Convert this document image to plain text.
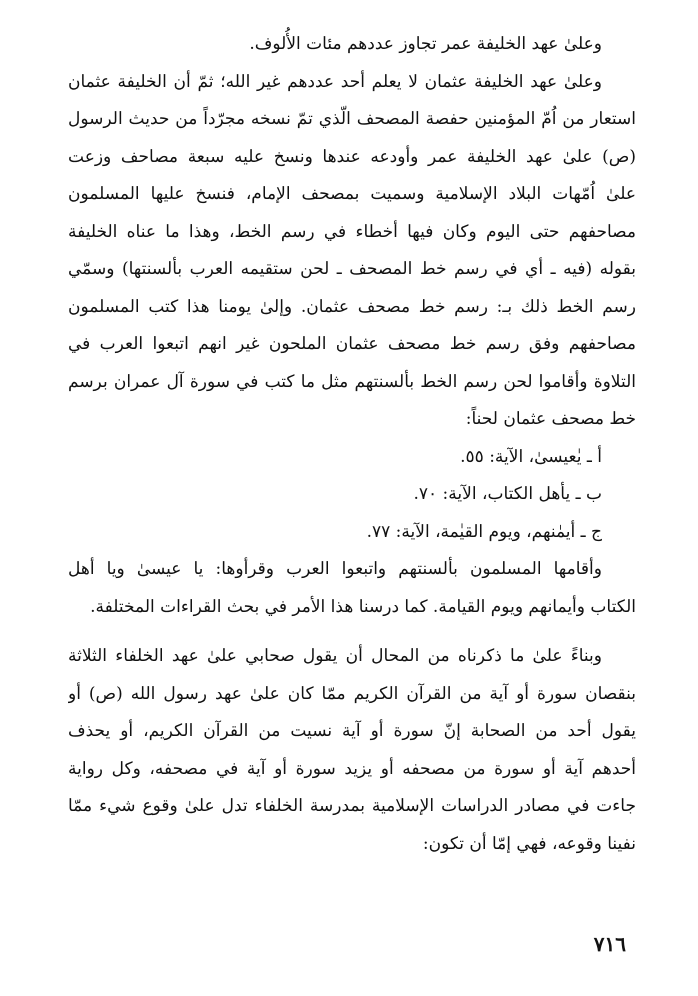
وعلىٰ عهد الخليفة عمر تجاوز عددهم مئات الأُلوف.
وعلىٰ عهد الخليفة عثمان لا يعلم أحد عددهم غير الله؛ ثمّ أن الخليفة عثمان
استعار من اُمّ المؤمنين حفصة المصحف الّذي تمّ نسخه مجرّداً من حديث الرسول
(ص) علىٰ عهد الخليفة عمر وأودعه عندها ونسخ عليه سبعة مصاحف وزعت
علىٰ اُمّهات البلاد الإسلامية وسميت بمصحف الإمام، فنسخ عليها المسلمون
مصاحفهم حتى اليوم وكان فيها أخطاء في رسم الخط، وهذا ما عناه الخليفة
بقوله (فيه ـ أي في رسم خط المصحف ـ لحن ستقيمه العرب بألسنتها) وسمّي
رسم الخط ذلك بـ: رسم خط مصحف عثمان. وإلىٰ يومنا هذا كتب المسلمون
مصاحفهم وفق رسم خط مصحف عثمان الملحون غير انهم اتبعوا العرب في
التلاوة وأقاموا لحن رسم الخط بألسنتهم مثل ما كتب في سورة آل عمران برسم
خط مصحف عثمان لحناً:
أ ـ يٰعيسىٰ، الآية: ٥٥.
ب ـ يأهل الكتاب، الآية: ٧٠.
ج ـ أيمٰنهم، ويوم القيٰمة، الآية: ٧٧.
وأقامها المسلمون بألسنتهم واتبعوا العرب وقرأوها: يا عيسىٰ ويا أهل
الكتاب وأيمانهم ويوم القيامة. كما درسنا هذا الأمر في بحث القراءات المختلفة.
وبناءً علىٰ ما ذكرناه من المحال أن يقول صحابي علىٰ عهد الخلفاء الثلاثة
بنقصان سورة أو آية من القرآن الكريم ممّا كان علىٰ عهد رسول الله (ص) أو
يقول أحد من الصحابة إنّ سورة أو آية نسيت من القرآن الكريم، أو يحذف
أحدهم آية أو سورة من مصحفه أو يزيد سورة أو آية في مصحفه، وكل رواية
جاءت في مصادر الدراسات الإسلامية بمدرسة الخلفاء تدل علىٰ وقوع شيء ممّا
نفينا وقوعه، فهي إمّا أن تكون:
٧١٦
